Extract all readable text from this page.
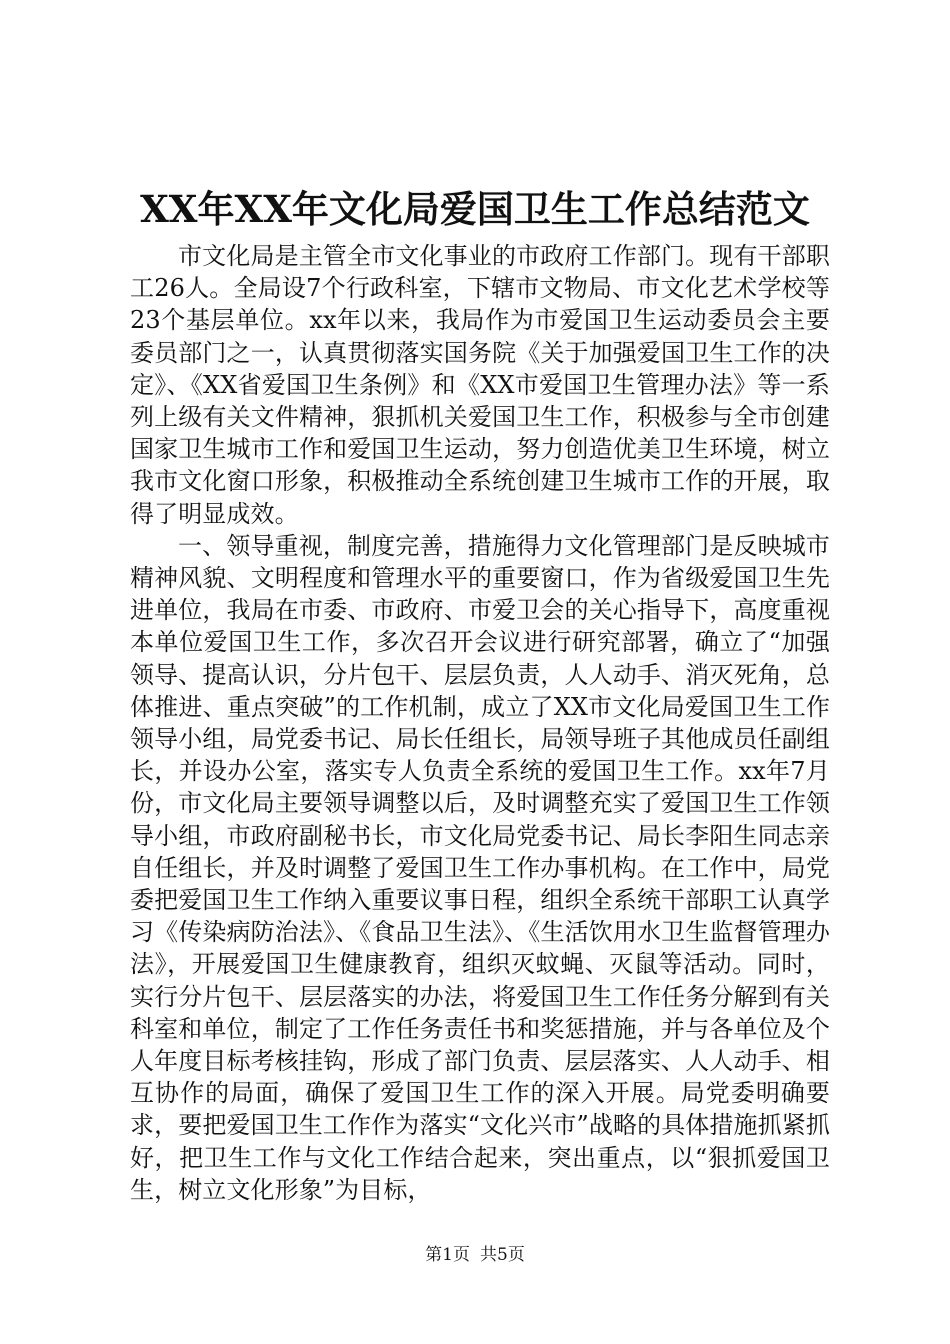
XX年XX年文化局爱国卫生工作总结范文

市文化局是主管全市文化事业的市政府工作部门。现有干部职工26人。全局设7个行政科室，下辖市文物局、市文化艺术学校等23个基层单位。xx年以来，我局作为市爱国卫生运动委员会主要委员部门之一，认真贯彻落实国务院《关于加强爱国卫生工作的决定》、《XX省爱国卫生条例》和《XX市爱国卫生管理办法》等一系列上级有关文件精神，狠抓机关爱国卫生工作，积极参与全市创建国家卫生城市工作和爱国卫生运动，努力创造优美卫生环境，树立我市文化窗口形象，积极推动全系统创建卫生城市工作的开展，取得了明显成效。

一、领导重视，制度完善，措施得力文化管理部门是反映城市精神风貌、文明程度和管理水平的重要窗口，作为省级爱国卫生先进单位，我局在市委、市政府、市爱卫会的关心指导下，高度重视本单位爱国卫生工作，多次召开会议进行研究部署，确立了“加强领导、提高认识，分片包干、层层负责，人人动手、消灭死角，总体推进、重点突破”的工作机制，成立了XX市文化局爱国卫生工作领导小组，局党委书记、局长任组长，局领导班子其他成员任副组长，并设办公室，落实专人负责全系统的爱国卫生工作。xx年7月份，市文化局主要领导调整以后，及时调整充实了爱国卫生工作领导小组，市政府副秘书长，市文化局党委书记、局长李阳生同志亲自任组长，并及时调整了爱国卫生工作办事机构。在工作中，局党委把爱国卫生工作纳入重要议事日程，组织全系统干部职工认真学习《传染病防治法》、《食品卫生法》、《生活饮用水卫生监督管理办法》，开展爱国卫生健康教育，组织灭蚊蝇、灭鼠等活动。同时，实行分片包干、层层落实的办法，将爱国卫生工作任务分解到有关科室和单位，制定了工作任务责任书和奖惩措施，并与各单位及个人年度目标考核挂钩，形成了部门负责、层层落实、人人动手、相互协作的局面，确保了爱国卫生工作的深入开展。局党委明确要求，要把爱国卫生工作作为落实“文化兴市”战略的具体措施抓紧抓好，把卫生工作与文化工作结合起来，突出重点，以“狠抓爱国卫生，树立文化形象”为目标，

第1页 共5页
